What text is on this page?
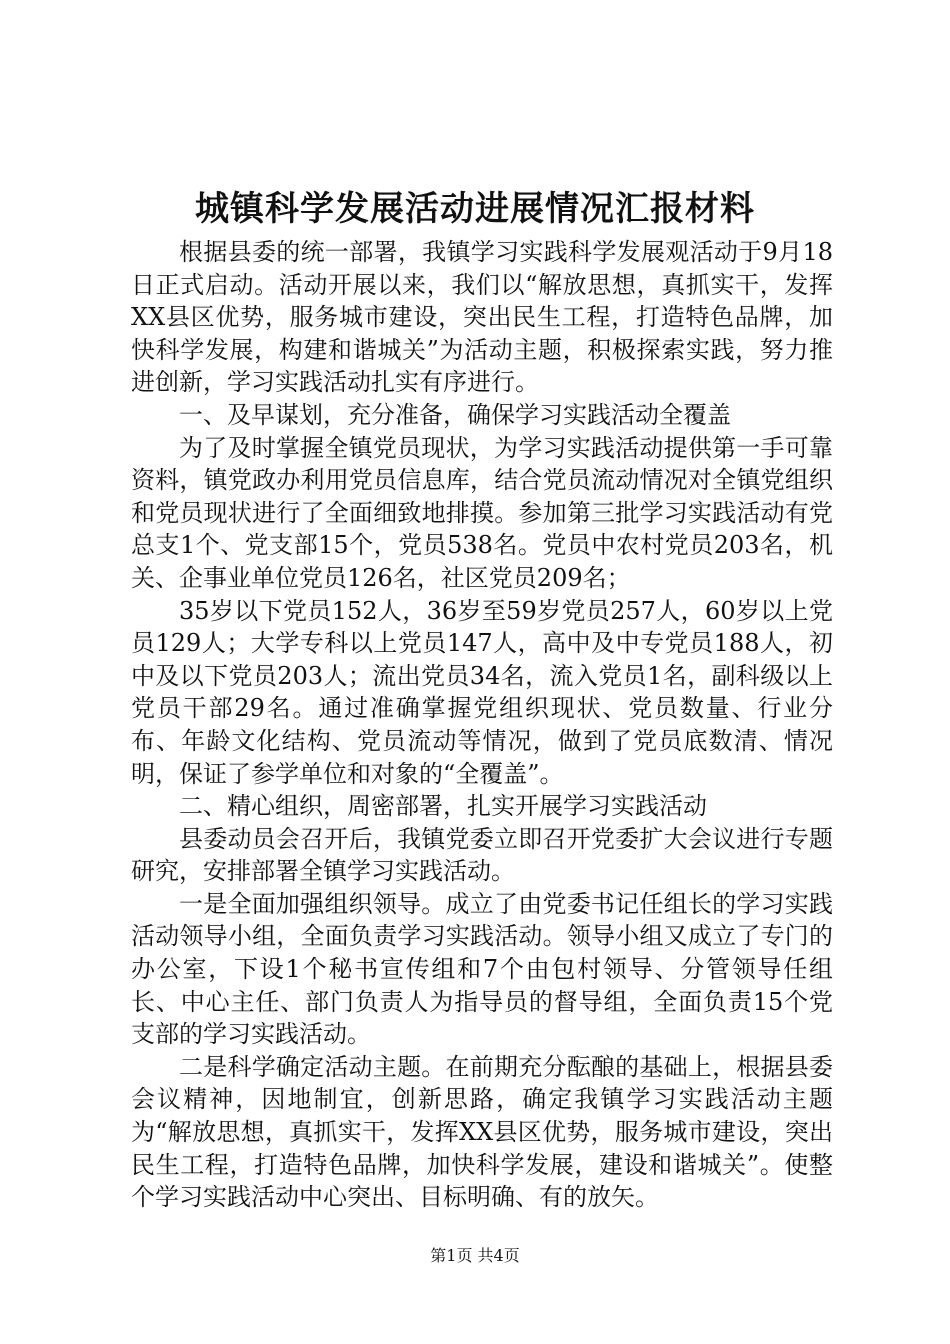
城镇科学发展活动进展情况汇报材料

根据县委的统一部署，我镇学习实践科学发展观活动于9月18日正式启动。活动开展以来，我们以“解放思想，真抓实干，发挥XX县区优势，服务城市建设，突出民生工程，打造特色品牌，加快科学发展，构建和谐城关”为活动主题，积极探索实践，努力推进创新，学习实践活动扎实有序进行。

一、及早谋划，充分准备，确保学习实践活动全覆盖

为了及时掌握全镇党员现状，为学习实践活动提供第一手可靠资料，镇党政办利用党员信息库，结合党员流动情况对全镇党组织和党员现状进行了全面细致地排摸。参加第三批学习实践活动有党总支1个、党支部15个，党员538名。党员中农村党员203名，机关、企事业单位党员126名，社区党员209名；

35岁以下党员152人，36岁至59岁党员257人，60岁以上党员129人；大学专科以上党员147人，高中及中专党员188人，初中及以下党员203人；流出党员34名，流入党员1名，副科级以上党员干部29名。通过准确掌握党组织现状、党员数量、行业分布、年龄文化结构、党员流动等情况，做到了党员底数清、情况明，保证了参学单位和对象的“全覆盖”。

二、精心组织，周密部署，扎实开展学习实践活动

县委动员会召开后，我镇党委立即召开党委扩大会议进行专题研究，安排部署全镇学习实践活动。

一是全面加强组织领导。成立了由党委书记任组长的学习实践活动领导小组，全面负责学习实践活动。领导小组又成立了专门的办公室，下设1个秘书宣传组和7个由包村领导、分管领导任组长、中心主任、部门负责人为指导员的督导组，全面负责15个党支部的学习实践活动。

二是科学确定活动主题。在前期充分酝酿的基础上，根据县委会议精神，因地制宜，创新思路，确定我镇学习实践活动主题为“解放思想，真抓实干，发挥XX县区优势，服务城市建设，突出民生工程，打造特色品牌，加快科学发展，建设和谐城关”。使整个学习实践活动中心突出、目标明确、有的放矢。

第1页 共4页
